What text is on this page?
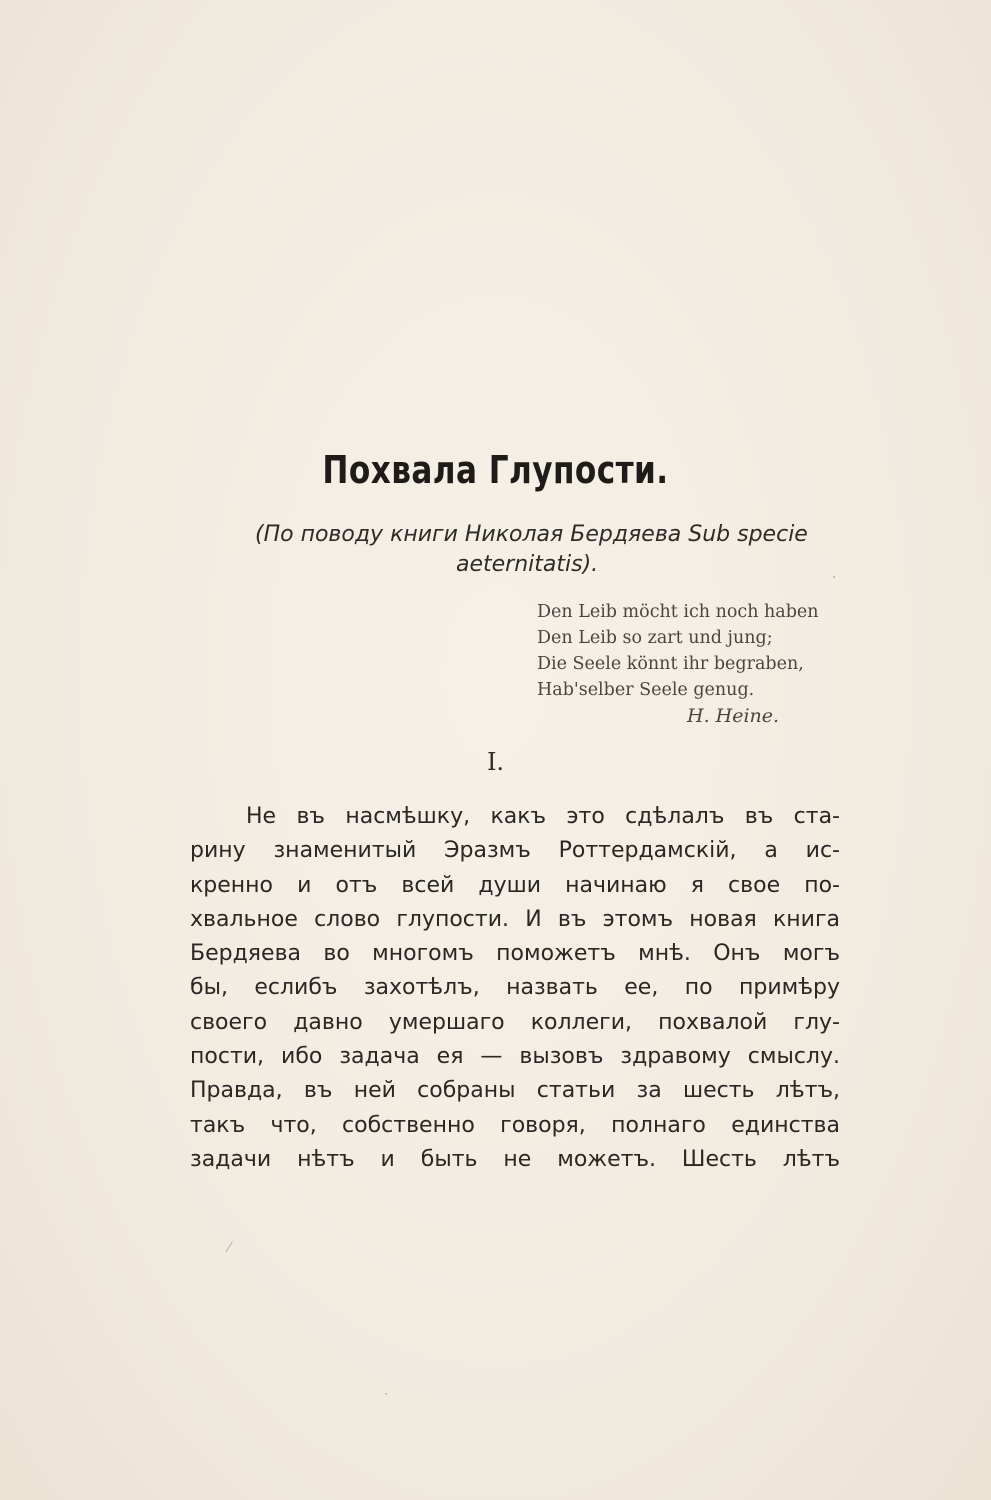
Похвала Глупости.
(По поводу книги Николая Бердяева Sub specie
aeternitatis).
Den Leib möcht ich noch haben
Den Leib so zart und jung;
Die Seele könnt ihr begraben,
Hab'selber Seele genug.
H. Heine.
I.
Не въ насмѣшку, какъ это сдѣлалъ въ ста-
рину знаменитый Эразмъ Роттердамскій, а ис-
кренно и отъ всей души начинаю я свое по-
хвальное слово глупости. И въ этомъ новая книга
Бердяева во многомъ поможетъ мнѣ. Онъ могъ
бы, еслибъ захотѣлъ, назвать ее, по примѣру
своего давно умершаго коллеги, похвалой глу-
пости, ибо задача ея — вызовъ здравому смыслу.
Правда, въ ней собраны статьи за шесть лѣтъ,
такъ что, собственно говоря, полнаго единства
задачи нѣтъ и быть не можетъ. Шесть лѣтъ
·
ˎ
⁄
